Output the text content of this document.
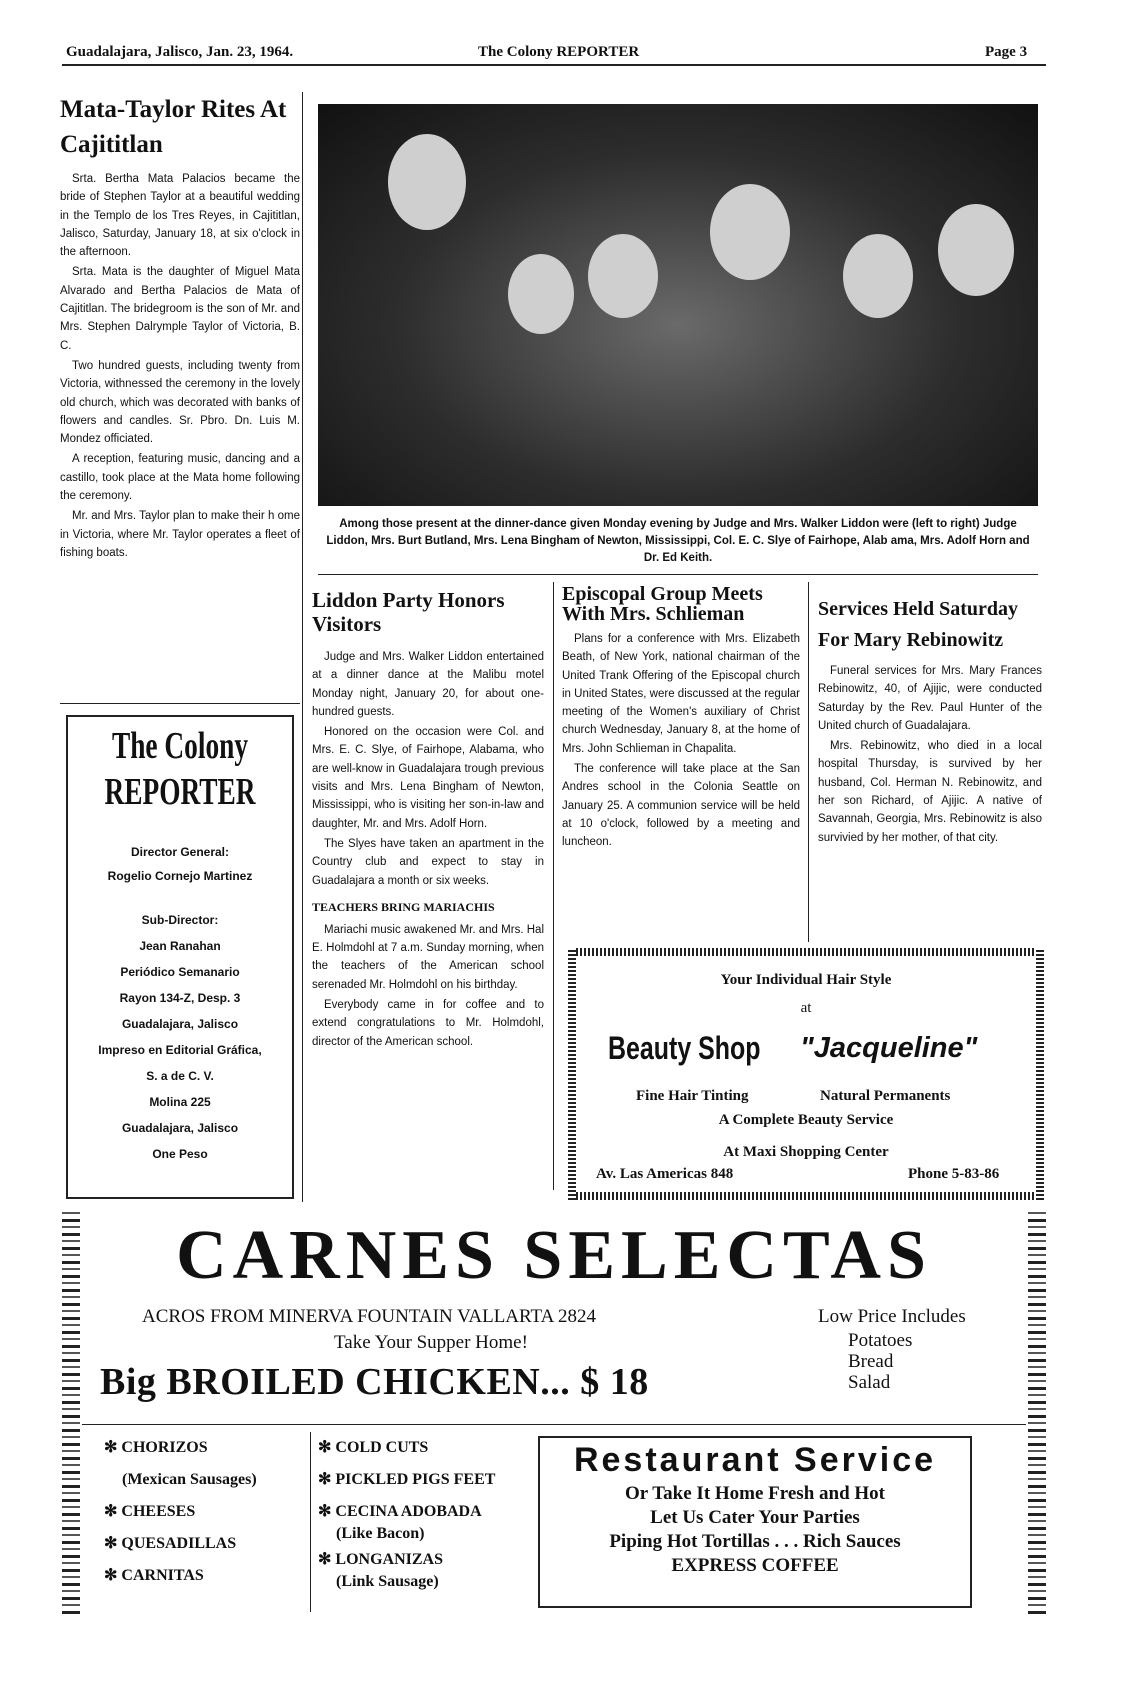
Guadalajara, Jalisco, Jan. 23, 1964.	The Colony REPORTER	Page 3
Mata-Taylor Rites At Cajititlan

Srta. Bertha Mata Palacios became the bride of Stephen Taylor at a beautiful wedding in the Templo de los Tres Reyes, in Cajititlan, Jalisco, Saturday, January 18, at six o'clock in the afternoon.

Srta. Mata is the daughter of Miguel Mata Alvarado and Bertha Palacios de Mata of Cajititlan. The bridegroom is the son of Mr. and Mrs. Stephen Dalrymple Taylor of Victoria, B. C.

Two hundred guests, including twenty from Victoria, withnessed the ceremony in the lovely old church, which was decorated with banks of flowers and candles. Sr. Pbro. Dn. Luis M. Mondez officiated.

A reception, featuring music, dancing and a castillo, took place at the Mata home following the ceremony.

Mr. and Mrs. Taylor plan to make their h ome in Victoria, where Mr. Taylor operates a fleet of fishing boats.

The Colony
REPORTER
Director General:
Rogelio Cornejo Martinez
Sub-Director:
Jean Ranahan
Periódico Semanario
Rayon 134-Z, Desp. 3
Guadalajara, Jalisco
Impreso en Editorial Gráfica,
S. a de C. V.
Molina 225
Guadalajara, Jalisco
One Peso
Among those present at the dinner-dance given Monday evening by Judge and Mrs. Walker Liddon were (left to right) Judge Liddon, Mrs. Burt Butland, Mrs. Lena Bingham of Newton, Mississippi, Col. E. C. Slye of Fairhope, Alab ama, Mrs. Adolf Horn and Dr. Ed Keith.
Liddon Party Honors Visitors

Judge and Mrs. Walker Liddon entertained at a dinner dance at the Malibu motel Monday night, January 20, for about one-hundred guests.

Honored on the occasion were Col. and Mrs. E. C. Slye, of Fairhope, Alabama, who are well-know in Guadalajara trough previous visits and Mrs. Lena Bingham of Newton, Mississippi, who is visiting her son-in-law and daughter, Mr. and Mrs. Adolf Horn.

The Slyes have taken an apartment in the Country club and expect to stay in Guadalajara a month or six weeks.

TEACHERS BRING MARIACHIS

Mariachi music awakened Mr. and Mrs. Hal E. Holmdohl at 7 a.m. Sunday morning, when the teachers of the American school serenaded Mr. Holmdohl on his birthday.

Everybody came in for coffee and to extend congratulations to Mr. Holmdohl, director of the American school.

Episcopal Group Meets With Mrs. Schlieman

Plans for a conference with Mrs. Elizabeth Beath, of New York, national chairman of the United Trank Offering of the Episcopal church in United States, were discussed at the regular meeting of the Women's auxiliary of Christ church Wednesday, January 8, at the home of Mrs. John Schlieman in Chapalita.

The conference will take place at the San Andres school in the Colonia Seattle on January 25. A communion service will be held at 10 o'clock, followed by a meeting and luncheon.

Services Held Saturday For Mary Rebinowitz

Funeral services for Mrs. Mary Frances Rebinowitz, 40, of Ajijic, were conducted Saturday by the Rev. Paul Hunter of the United church of Guadalajara.

Mrs. Rebinowitz, who died in a local hospital Thursday, is survived by her husband, Col. Herman N. Rebinowitz, and her son Richard, of Ajijic. A native of Savannah, Georgia, Mrs. Rebinowitz is also survivied by her mother, of that city.

Your Individual Hair Style
at
Beauty Shop "Jacqueline"
Fine Hair Tinting	Natural Permanents
A Complete Beauty Service
At Maxi Shopping Center
Av. Las Americas 848	Phone 5-83-86
CARNES SELECTAS
ACROS FROM MINERVA FOUNTAIN VALLARTA 2824
Take Your Supper Home!
Big BROILED CHICKEN... $ 18
Low Price Includes
Potatoes
Bread
Salad
✻ CHORIZOS
(Mexican Sausages)
✻ CHEESES
✻ QUESADILLAS
✻ CARNITAS
✻ COLD CUTS
✻ PICKLED PIGS FEET
✻ CECINA ADOBADA
(Like Bacon)
✻ LONGANIZAS
(Link Sausage)
Restaurant Service
Or Take It Home Fresh and Hot
Let Us Cater Your Parties
Piping Hot Tortillas . . . Rich Sauces
EXPRESS COFFEE
